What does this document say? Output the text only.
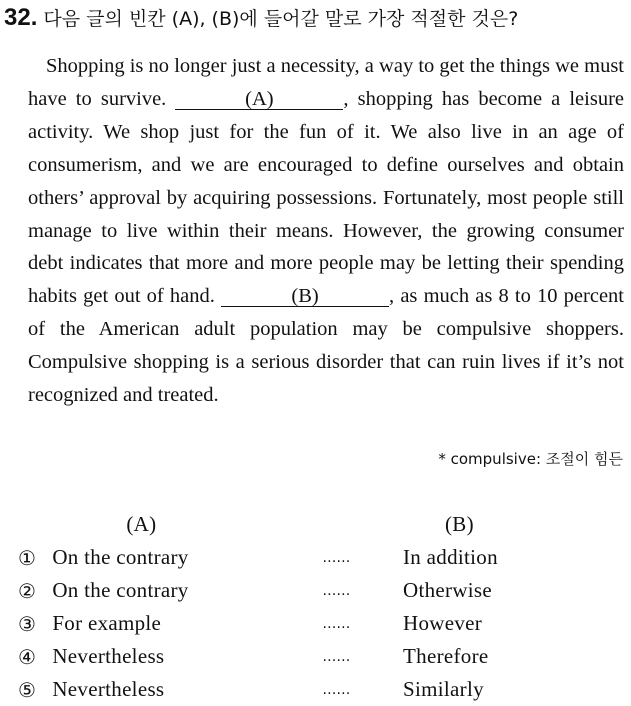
32. 다음 글의 빈칸 (A), (B)에 들어갈 말로 가장 적절한 것은?

Shopping is no longer just a necessity, a way to get the things we must have to survive.	(A)	, shopping has become a leisure activity. We shop just for the fun of it. We also live in an age of consumerism, and we are encouraged to define ourselves and obtain others’ approval by acquiring possessions. Fortunately, most people still manage to live within their means. However, the growing consumer debt indicates that more and more people may be letting their spending habits get out of hand.	(B)	, as much as 8 to 10 percent of the American adult population may be compulsive shoppers. Compulsive shopping is a serious disorder that can ruin lives if it’s not recognized and treated.

* compulsive: 조절이 힘든
	(A)		(B)
①	On the contrary	……	In addition
②	On the contrary	……	Otherwise
③	For example	……	However
④	Nevertheless	……	Therefore
⑤	Nevertheless	……	Similarly
